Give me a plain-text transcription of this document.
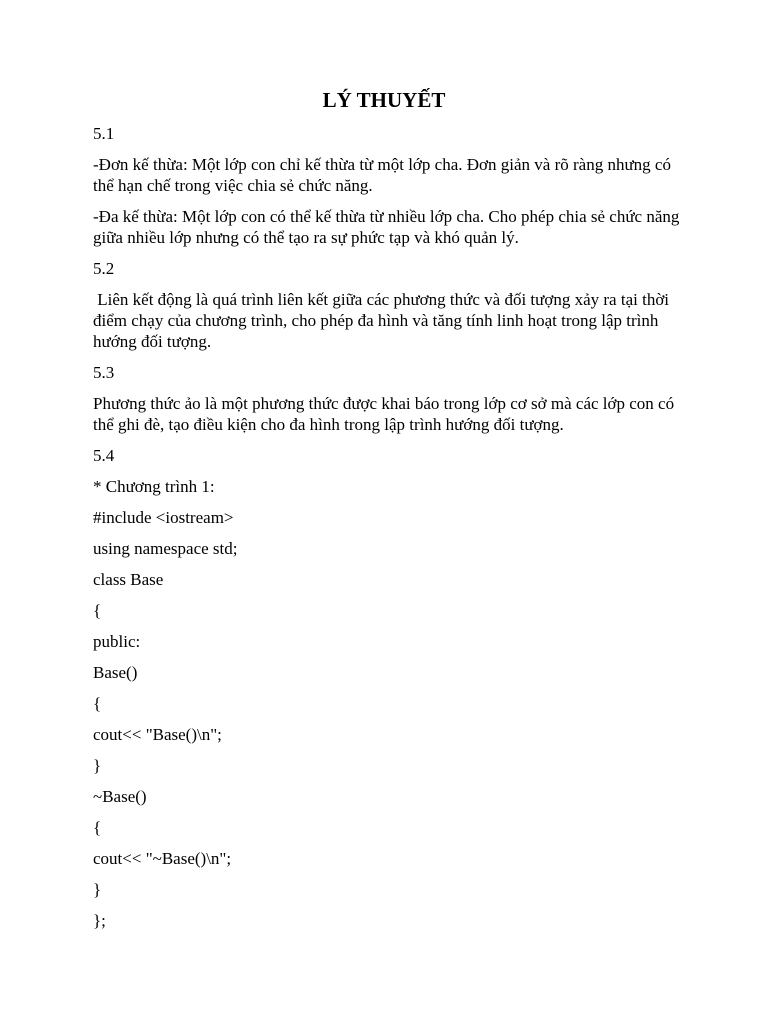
LÝ THUYẾT

5.1

-Đơn kế thừa: Một lớp con chỉ kế thừa từ một lớp cha. Đơn giản và rõ ràng nhưng có thể hạn chế trong việc chia sẻ chức năng.

-Đa kế thừa: Một lớp con có thể kế thừa từ nhiều lớp cha. Cho phép chia sẻ chức năng giữa nhiều lớp nhưng có thể tạo ra sự phức tạp và khó quản lý.

5.2

Liên kết động là quá trình liên kết giữa các phương thức và đối tượng xảy ra tại thời điểm chạy của chương trình, cho phép đa hình và tăng tính linh hoạt trong lập trình hướng đối tượng.

5.3

Phương thức ảo là một phương thức được khai báo trong lớp cơ sở mà các lớp con có thể ghi đè, tạo điều kiện cho đa hình trong lập trình hướng đối tượng.

5.4

* Chương trình 1:

#include <iostream>

using namespace std;

class Base

{

public:

Base()

{

cout<< "Base()\n";

}

~Base()

{

cout<< "~Base()\n";

}

};
